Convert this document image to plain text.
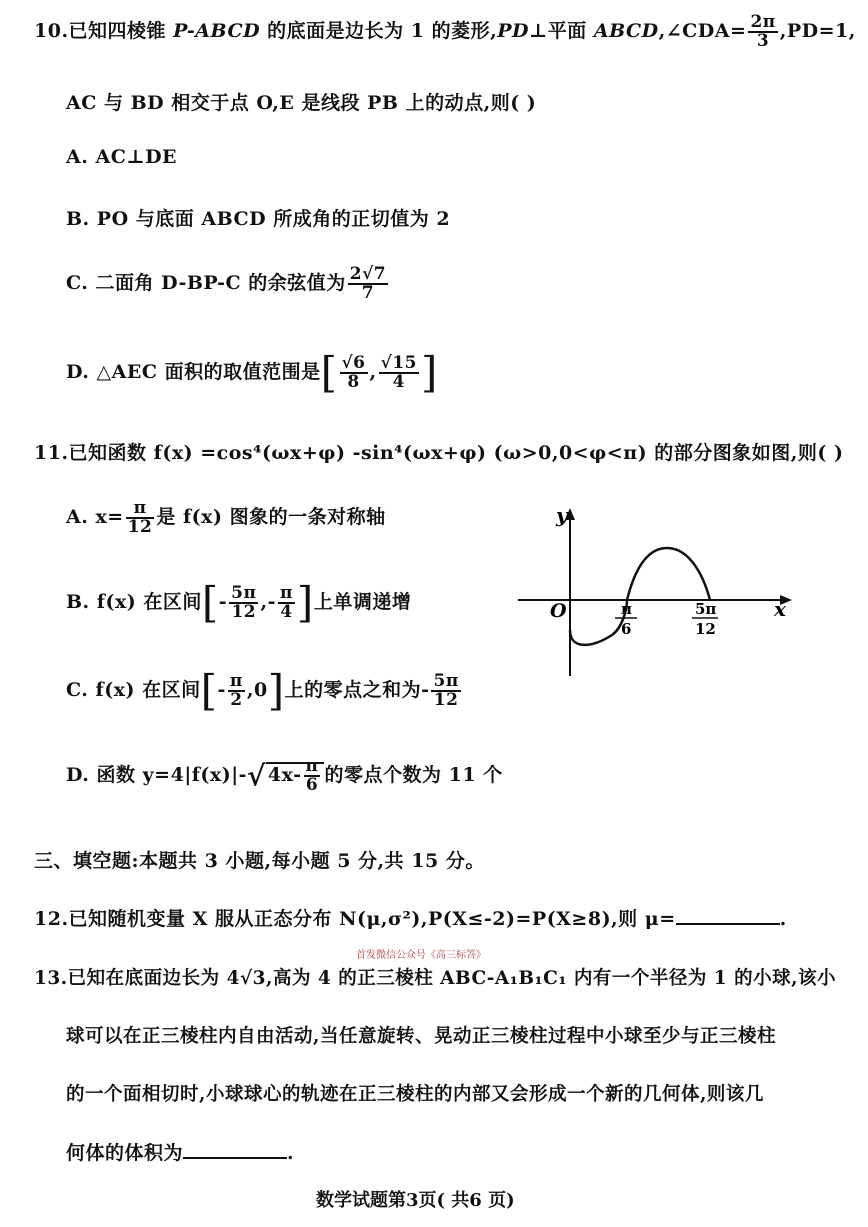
10.已知四棱锥 P-ABCD 的底面是边长为 1 的菱形,PD⊥平面 ABCD,∠CDA= $\frac{2\pi}{3} ,PD=1$,
AC 与 BD 相交于点 O,E 是线段 PB 上的动点,则( )
A. AC⊥DE
B. PO 与底面 ABCD 所成角的正切值为 2
C. 二面角 D-BP-C 的余弦值为 $\frac{2√7}{7}$
D. △AEC 面积的取值范围是[ $\frac{√6}{8}$ , $\frac{√15}{4}$ ]
11.已知函数 f(x) =cos⁴(ωx+φ) -sin⁴(ωx+φ) (ω>0,0<φ<π) 的部分图象如图,则( )
A. $x= \frac{\pi}{12}$ 是 f(x) 图象的一条对称轴
B. f(x) 在区间[- $\frac{5\pi}{12}$ ,- $\frac{\pi}{4}$ ]上单调递增
C. f(x) 在区间[- $\frac{\pi}{2} ,0$]上的零点之和为- $\frac{5\pi}{12}$
D. 函数 y=4|f(x)|-√ $4x- \frac{\pi}{6}$ 的零点个数为 11 个
y
x
O	π
6
5π
12
三、填空题:本题共 3 小题,每小题 5 分,共 15 分。
12.已知随机变量 X 服从正态分布 N(μ,σ²),P(X≤-2)=P(X≥8),则 μ=	.
首发微信公众号《高三标答》
13.已知在底面边长为 4√3,高为 4 的正三棱柱 ABC-A₁B₁C₁ 内有一个半径为 1 的小球,该小
球可以在正三棱柱内自由活动,当任意旋转、晃动正三棱柱过程中小球至少与正三棱柱
的一个面相切时,小球球心的轨迹在正三棱柱的内部又会形成一个新的几何体,则该几
何体的体积为	.
数学试题第3页( 共6 页)
